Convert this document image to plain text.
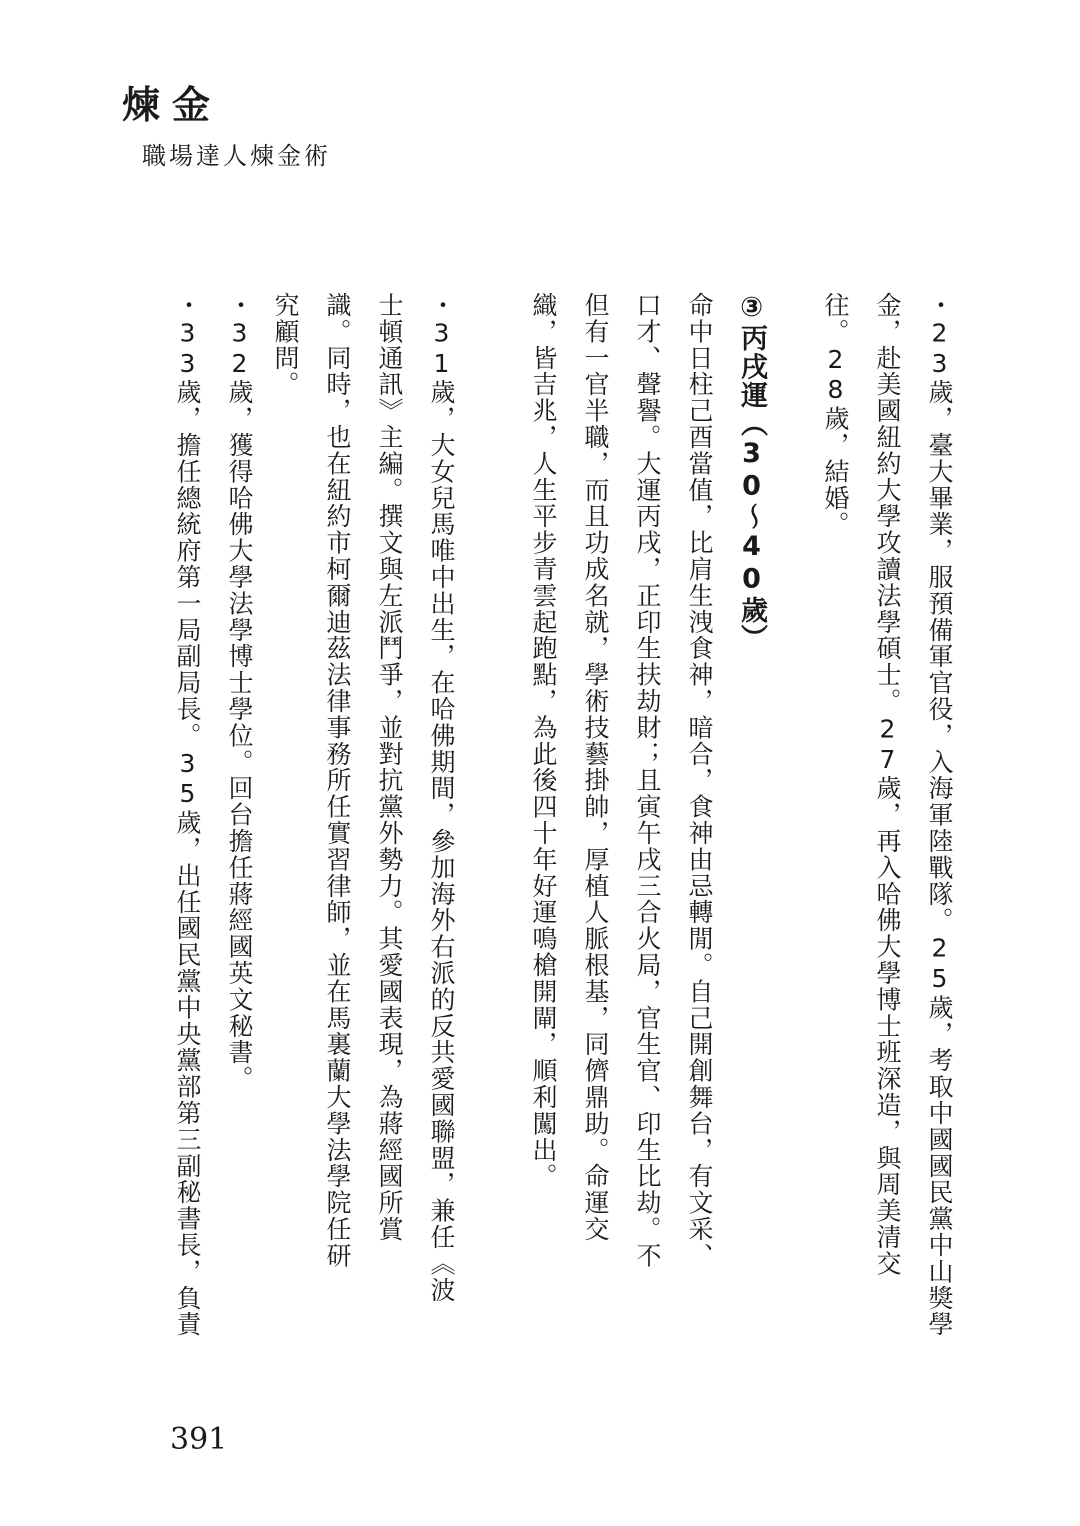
煉金

職場達人煉金術

・23歲，臺大畢業，服預備軍官役，入海軍陸戰隊。25歲，考取中國國民黨中山獎學
金，赴美國紐約大學攻讀法學碩士。27歲，再入哈佛大學博士班深造，與周美清交
往。28歲，結婚。
③丙戌運（30～40歲）
命中日柱己酉當值，比肩生洩食神，暗合，食神由忌轉閒。自己開創舞台，有文采、
口才、聲譽。大運丙戌，正印生扶劫財；且寅午戌三合火局，官生官、印生比劫。不
但有一官半職，而且功成名就，學術技藝掛帥，厚植人脈根基，同儕鼎助。命運交
織，皆吉兆，人生平步青雲起跑點，為此後四十年好運鳴槍開閘，順利闖出。
・31歲，大女兒馬唯中出生，在哈佛期間，參加海外右派的反共愛國聯盟，兼任《波
士頓通訊》主編。撰文與左派鬥爭，並對抗黨外勢力。其愛國表現，為蔣經國所賞
識。同時，也在紐約市柯爾迪茲法律事務所任實習律師，並在馬裏蘭大學法學院任研
究顧問。
・32歲，獲得哈佛大學法學博士學位。回台擔任蔣經國英文秘書。
・33歲，擔任總統府第一局副局長。35歲，出任國民黨中央黨部第三副秘書長，負責

391
